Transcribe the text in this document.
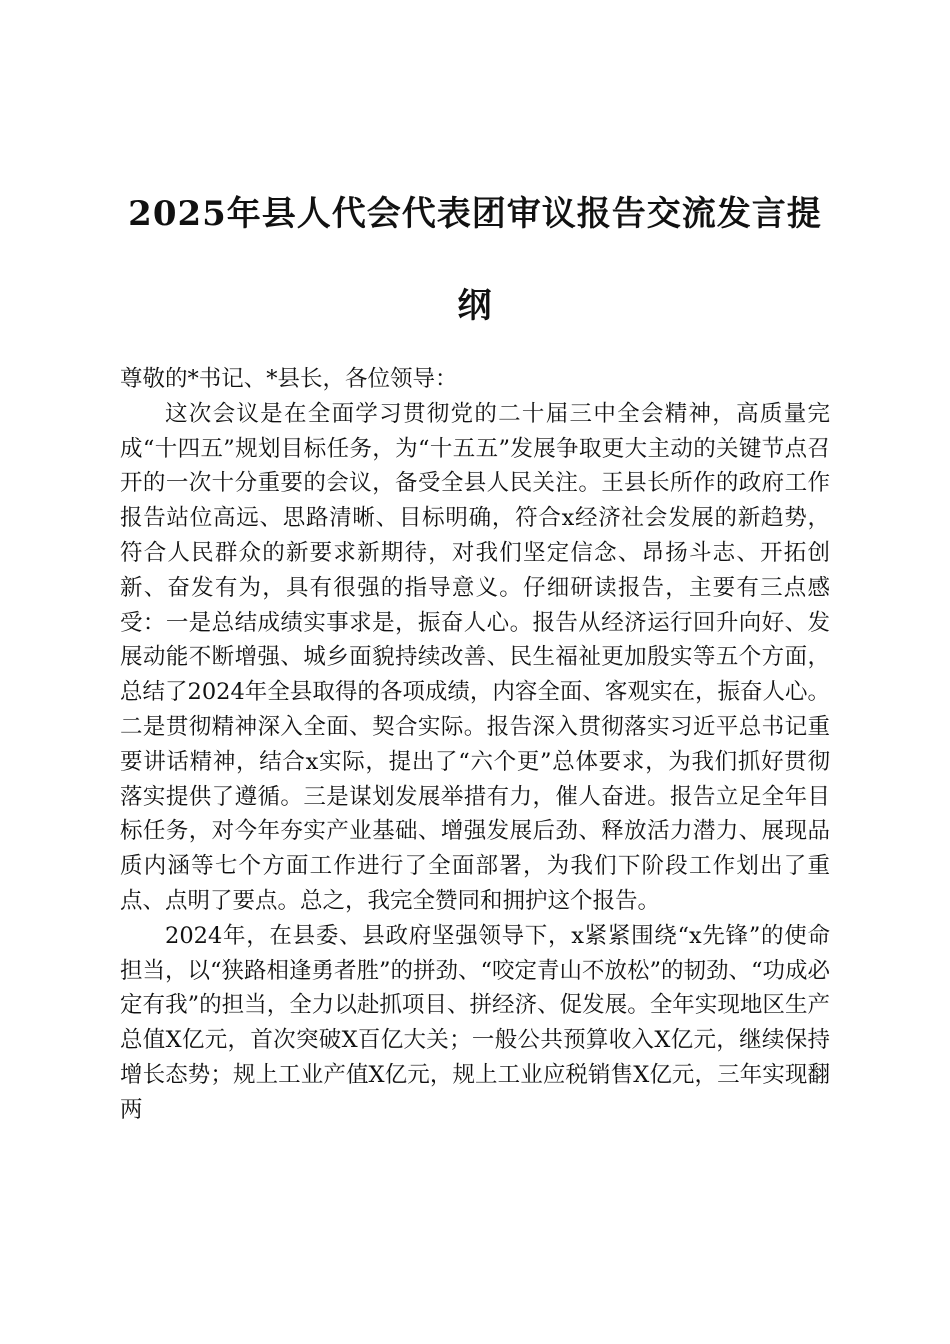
2025年县人代会代表团审议报告交流发言提纲

尊敬的*书记、*县长，各位领导：

这次会议是在全面学习贯彻党的二十届三中全会精神，高质量完成“十四五”规划目标任务，为“十五五”发展争取更大主动的关键节点召开的一次十分重要的会议，备受全县人民关注。王县长所作的政府工作报告站位高远、思路清晰、目标明确，符合x经济社会发展的新趋势，符合人民群众的新要求新期待，对我们坚定信念、昂扬斗志、开拓创新、奋发有为，具有很强的指导意义。仔细研读报告，主要有三点感受：一是总结成绩实事求是，振奋人心。报告从经济运行回升向好、发展动能不断增强、城乡面貌持续改善、民生福祉更加殷实等五个方面，总结了2024年全县取得的各项成绩，内容全面、客观实在，振奋人心。二是贯彻精神深入全面、契合实际。报告深入贯彻落实习近平总书记重要讲话精神，结合x实际，提出了“六个更”总体要求，为我们抓好贯彻落实提供了遵循。三是谋划发展举措有力，催人奋进。报告立足全年目标任务，对今年夯实产业基础、增强发展后劲、释放活力潜力、展现品质内涵等七个方面工作进行了全面部署，为我们下阶段工作划出了重点、点明了要点。总之，我完全赞同和拥护这个报告。

2024年，在县委、县政府坚强领导下，x紧紧围绕“x先锋”的使命担当，以“狭路相逢勇者胜”的拼劲、“咬定青山不放松”的韧劲、“功成必定有我”的担当，全力以赴抓项目、拼经济、促发展。全年实现地区生产总值X亿元，首次突破X百亿大关；一般公共预算收入X亿元，继续保持增长态势；规上工业产值X亿元，规上工业应税销售X亿元，三年实现翻两
